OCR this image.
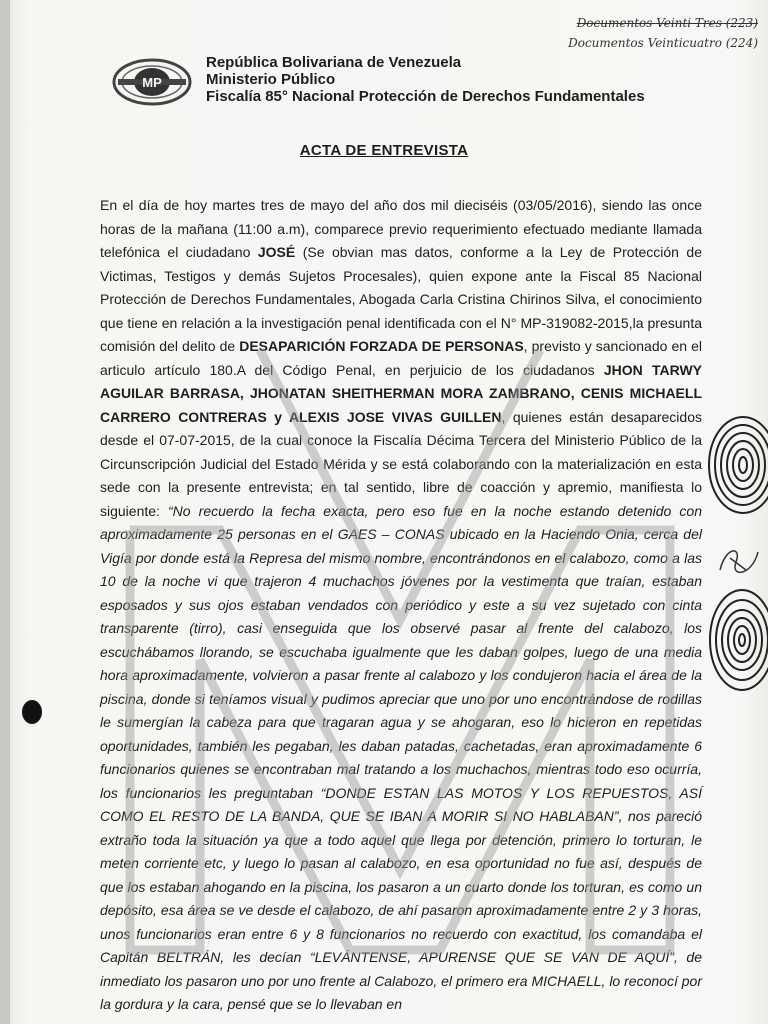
Documentos Veinti Tres (223)
Documentos Veinticuatro (224)
MP
República Bolivariana de Venezuela
Ministerio Público
Fiscalía 85° Nacional Protección de Derechos Fundamentales
ACTA DE ENTREVISTA

En el día de hoy martes tres de mayo del año dos mil dieciséis (03/05/2016), siendo las once horas de la mañana (11:00 a.m), comparece previo requerimiento efectuado mediante llamada telefónica el ciudadano JOSÉ (Se obvian mas datos, conforme a la Ley de Protección de Victimas, Testigos y demás Sujetos Procesales), quien expone ante la Fiscal 85 Nacional Protección de Derechos Fundamentales, Abogada Carla Cristina Chirinos Silva, el conocimiento que tiene en relación a la investigación penal identificada con el N° MP-319082-2015,la presunta comisión del delito de DESAPARICIÓN FORZADA DE PERSONAS, previsto y sancionado en el articulo artículo 180.A del Código Penal, en perjuicio de los ciudadanos JHON TARWY AGUILAR BARRASA, JHONATAN SHEITHERMAN MORA ZAMBRANO, CENIS MICHAELL CARRERO CONTRERAS y ALEXIS JOSE VIVAS GUILLEN, quienes están desaparecidos desde el 07-07-2015, de la cual conoce la Fiscalía Décima Tercera del Ministerio Público de la Circunscripción Judicial del Estado Mérida y se está colaborando con la materialización en esta sede con la presente entrevista; en tal sentido, libre de coacción y apremio, manifiesta lo siguiente: “No recuerdo la fecha exacta, pero eso fue en la noche estando detenido con aproximadamente 25 personas en el GAES – CONAS ubicado en la Haciendo Onia, cerca del Vigía por donde está la Represa del mismo nombre, encontrándonos en el calabozo, como a las 10 de la noche vi que trajeron 4 muchachos jóvenes por la vestimenta que traían, estaban esposados y sus ojos estaban vendados con periódico y este a su vez sujetado con cinta transparente (tirro), casi enseguida que los observé pasar al frente del calabozo, los escuchábamos llorando, se escuchaba igualmente que les daban golpes, luego de una media hora aproximadamente, volvieron a pasar frente al calabozo y los condujeron hacia el área de la piscina, donde si teníamos visual y pudimos apreciar que uno por uno encontrándose de rodillas le sumergían la cabeza para que tragaran agua y se ahogaran, eso lo hicieron en repetidas oportunidades, también les pegaban, les daban patadas, cachetadas, eran aproximadamente 6 funcionarios quienes se encontraban mal tratando a los muchachos, mientras todo eso ocurría, los funcionarios les preguntaban “DONDE ESTAN LAS MOTOS Y LOS REPUESTOS, ASÍ COMO EL RESTO DE LA BANDA, QUE SE IBAN A MORIR SI NO HABLABAN”, nos pareció extraño toda la situación ya que a todo aquel que llega por detención, primero lo torturan, le meten corriente etc, y luego lo pasan al calabozo, en esa oportunidad no fue así, después de que los estaban ahogando en la piscina, los pasaron a un cuarto donde los torturan, es como un depósito, esa área se ve desde el calabozo, de ahí pasaron aproximadamente entre 2 y 3 horas, unos funcionarios eran entre 6 y 8 funcionarios no recuerdo con exactitud, los comandaba el Capitán BELTRÁN, les decían “LEVÁNTENSE, APURENSE QUE SE VAN DE AQUÍ”, de inmediato los pasaron uno por uno frente al Calabozo, el primero era MICHAELL, lo reconocí por la gordura y la cara, pensé que se lo llevaban en
